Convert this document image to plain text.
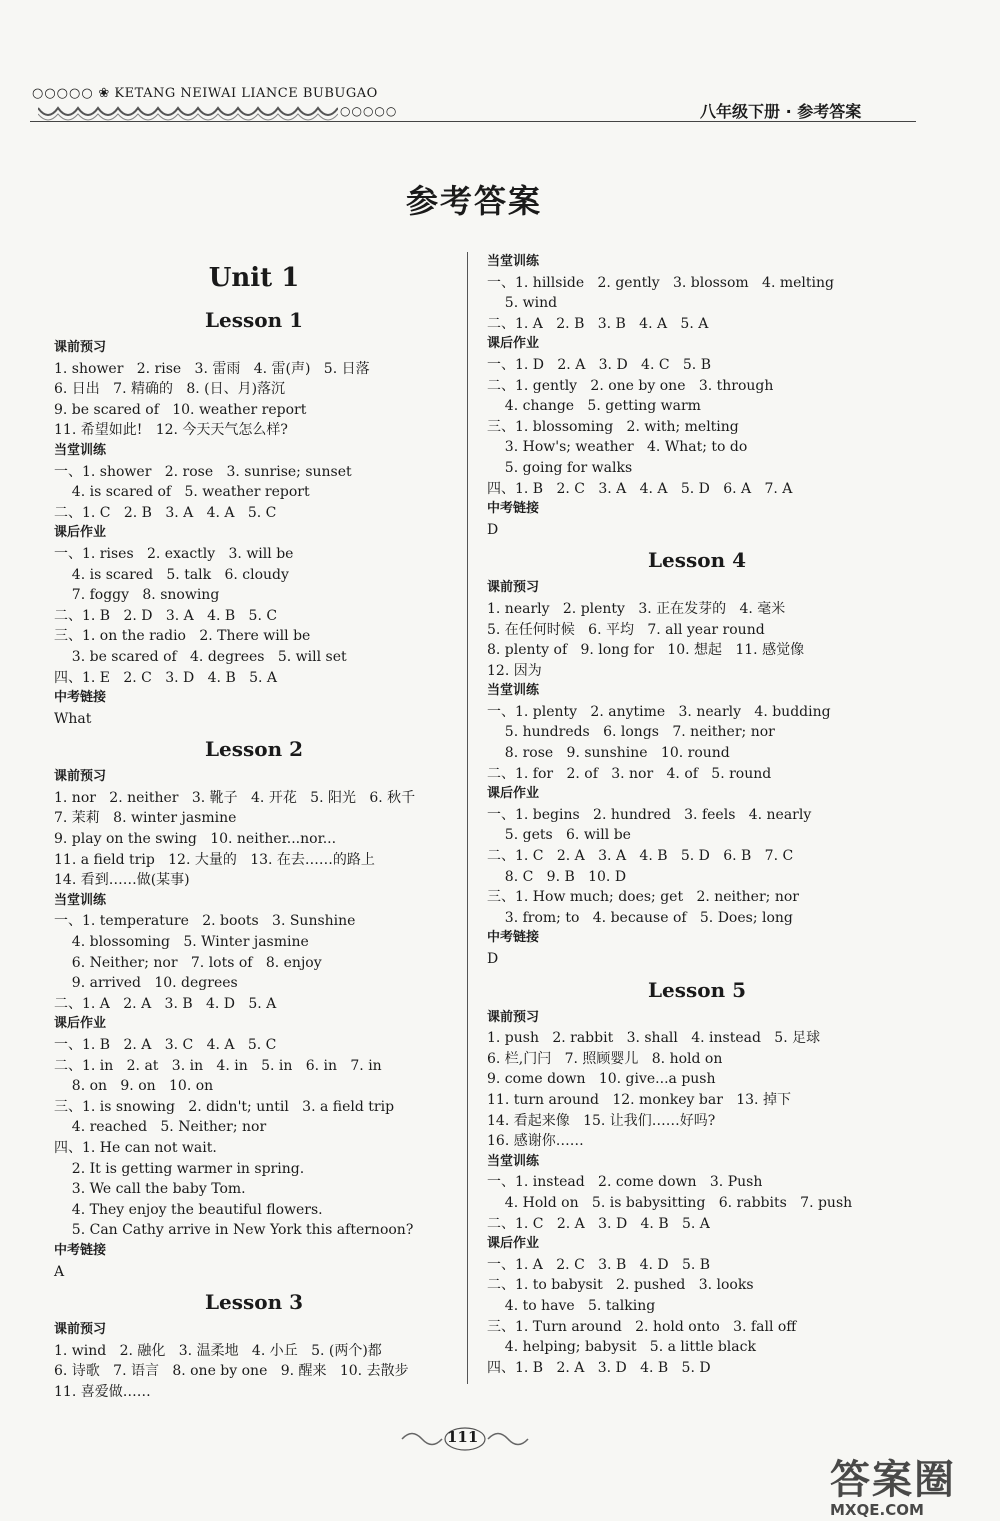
○○○○○ ❀ KETANG NEIWAI LIANCE BUBUGAO
○○○○○	八年级下册 · 参考答案
参考答案
Unit 1
Lesson 1
课前预习
1. shower   2. rise   3. 雷雨   4. 雷(声)   5. 日落
6. 日出   7. 精确的   8. (日、月)落沉
9. be scared of   10. weather report
11. 希望如此!   12. 今天天气怎么样?
当堂训练
一、1. shower   2. rose   3. sunrise; sunset
4. is scared of   5. weather report
二、1. C   2. B   3. A   4. A   5. C
课后作业
一、1. rises   2. exactly   3. will be
4. is scared   5. talk   6. cloudy
7. foggy   8. snowing
二、1. B   2. D   3. A   4. B   5. C
三、1. on the radio   2. There will be
3. be scared of   4. degrees   5. will set
四、1. E   2. C   3. D   4. B   5. A
中考链接
What
Lesson 2
课前预习
1. nor   2. neither   3. 靴子   4. 开花   5. 阳光   6. 秋千
7. 茉莉   8. winter jasmine
9. play on the swing   10. neither...nor...
11. a field trip   12. 大量的   13. 在去……的路上
14. 看到……做(某事)
当堂训练
一、1. temperature   2. boots   3. Sunshine
4. blossoming   5. Winter jasmine
6. Neither; nor   7. lots of   8. enjoy
9. arrived   10. degrees
二、1. A   2. A   3. B   4. D   5. A
课后作业
一、1. B   2. A   3. C   4. A   5. C
二、1. in   2. at   3. in   4. in   5. in   6. in   7. in
8. on   9. on   10. on
三、1. is snowing   2. didn't; until   3. a field trip
4. reached   5. Neither; nor
四、1. He can not wait.
2. It is getting warmer in spring.
3. We call the baby Tom.
4. They enjoy the beautiful flowers.
5. Can Cathy arrive in New York this afternoon?
中考链接
A
Lesson 3
课前预习
1. wind   2. 融化   3. 温柔地   4. 小丘   5. (两个)都
6. 诗歌   7. 语言   8. one by one   9. 醒来   10. 去散步
11. 喜爱做……
当堂训练
一、1. hillside   2. gently   3. blossom   4. melting
5. wind
二、1. A   2. B   3. B   4. A   5. A
课后作业
一、1. D   2. A   3. D   4. C   5. B
二、1. gently   2. one by one   3. through
4. change   5. getting warm
三、1. blossoming   2. with; melting
3. How's; weather   4. What; to do
5. going for walks
四、1. B   2. C   3. A   4. A   5. D   6. A   7. A
中考链接
D
Lesson 4
课前预习
1. nearly   2. plenty   3. 正在发芽的   4. 毫米
5. 在任何时候   6. 平均   7. all year round
8. plenty of   9. long for   10. 想起   11. 感觉像
12. 因为
当堂训练
一、1. plenty   2. anytime   3. nearly   4. budding
5. hundreds   6. longs   7. neither; nor
8. rose   9. sunshine   10. round
二、1. for   2. of   3. nor   4. of   5. round
课后作业
一、1. begins   2. hundred   3. feels   4. nearly
5. gets   6. will be
二、1. C   2. A   3. A   4. B   5. D   6. B   7. C
8. C   9. B   10. D
三、1. How much; does; get   2. neither; nor
3. from; to   4. because of   5. Does; long
中考链接
D
Lesson 5
课前预习
1. push   2. rabbit   3. shall   4. instead   5. 足球
6. 栏,门闩   7. 照顾婴儿   8. hold on
9. come down   10. give...a push
11. turn around   12. monkey bar   13. 掉下
14. 看起来像   15. 让我们……好吗?
16. 感谢你……
当堂训练
一、1. instead   2. come down   3. Push
4. Hold on   5. is babysitting   6. rabbits   7. push
二、1. C   2. A   3. D   4. B   5. A
课后作业
一、1. A   2. C   3. B   4. D   5. B
二、1. to babysit   2. pushed   3. looks
4. to have   5. talking
三、1. Turn around   2. hold onto   3. fall off
4. helping; babysit   5. a little black
四、1. B   2. A   3. D   4. B   5. D
111
答案圈
MXQE.COM
